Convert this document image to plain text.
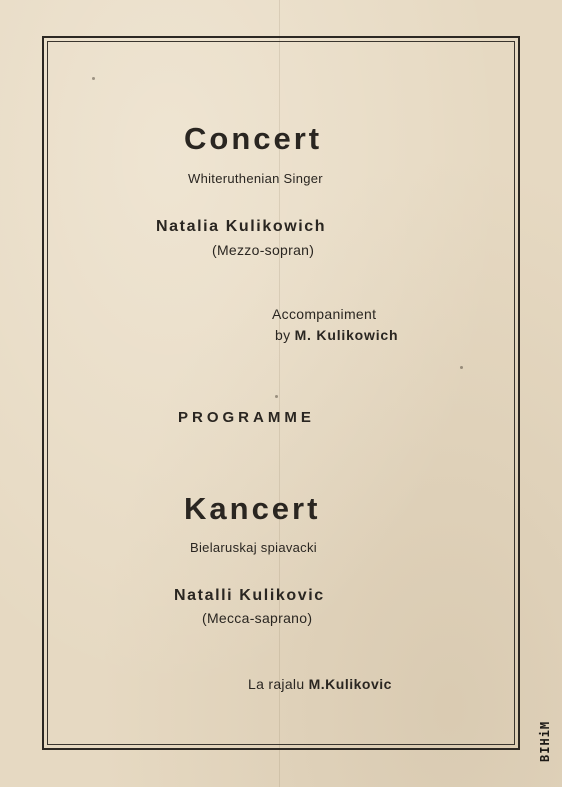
Concert
Whiteruthenian Singer
Natalia Kulikowich
(Mezzo-sopran)
Accompaniment
by M. Kulikowich
PROGRAMME
Kancert
Bielaruskaj spiavacki
Natalli Kulikovic
(Mecca-saprano)
La rajalu M.Kulikovic
BIHiM
